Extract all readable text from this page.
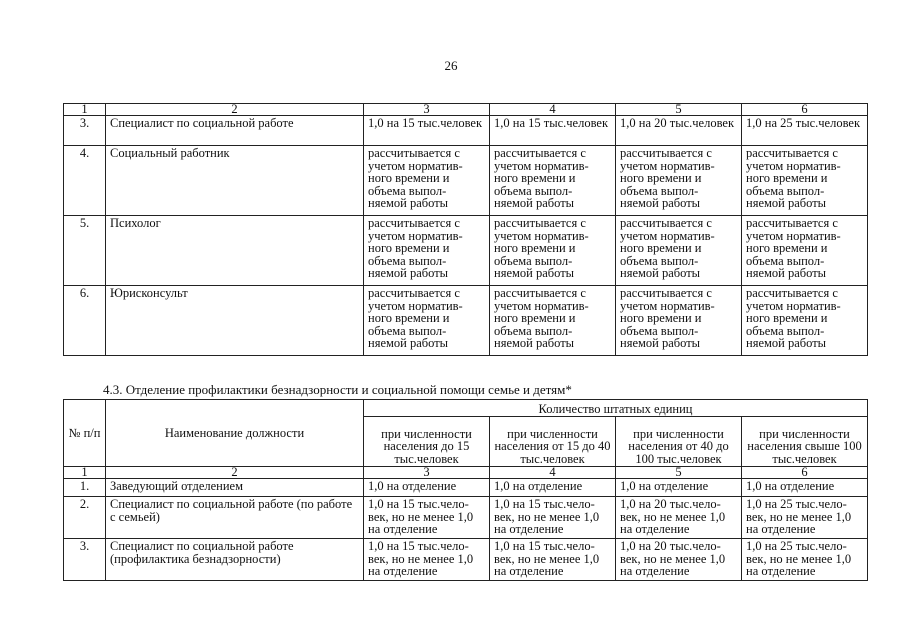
26
1	2	3	4	5	6
3.	Специалист по социальной работе	1,0 на 15 тыс.человек	1,0 на 15 тыс.человек	1,0 на 20 тыс.человек	1,0 на 25 тыс.человек
4.	Социальный работник	рассчитывается с учетом норматив-ного времени и объема выпол-няемой работы	рассчитывается с учетом норматив-ного времени и объема выпол-няемой работы	рассчитывается с учетом норматив-ного времени и объема выпол-няемой работы	рассчитывается с учетом норматив-ного времени и объема выпол-няемой работы
5.	Психолог	рассчитывается с учетом норматив-ного времени и объема выпол-няемой работы	рассчитывается с учетом норматив-ного времени и объема выпол-няемой работы	рассчитывается с учетом норматив-ного времени и объема выпол-няемой работы	рассчитывается с учетом норматив-ного времени и объема выпол-няемой работы
6.	Юрисконсульт	рассчитывается с учетом норматив-ного времени и объема выпол-няемой работы	рассчитывается с учетом норматив-ного времени и объема выпол-няемой работы	рассчитывается с учетом норматив-ного времени и объема выпол-няемой работы	рассчитывается с учетом норматив-ного времени и объема выпол-няемой работы
4.3. Отделение профилактики безнадзорности и социальной помощи семье и детям*
№ п/п	Наименование должности	Количество штатных единиц			
		при численности населения до 15 тыс.человек	при численности населения от 15 до 40 тыс.человек	при численности населения от 40 до 100 тыс.человек	при численности населения свыше 100 тыс.человек
1	2	3	4	5	6
1.	Заведующий отделением	1,0 на отделение	1,0 на отделение	1,0 на отделение	1,0 на отделение
2.	Специалист по социальной работе (по работе с семьей)	1,0 на 15 тыс.чело-век, но не менее 1,0 на отделение	1,0 на 15 тыс.чело-век, но не менее 1,0 на отделение	1,0 на 20 тыс.чело-век, но не менее 1,0 на отделение	1,0 на 25 тыс.чело-век, но не менее 1,0 на отделение
3.	Специалист по социальной работе (профилактика безнадзорности)	1,0 на 15 тыс.чело-век, но не менее 1,0 на отделение	1,0 на 15 тыс.чело-век, но не менее 1,0 на отделение	1,0 на 20 тыс.чело-век, но не менее 1,0 на отделение	1,0 на 25 тыс.чело-век, но не менее 1,0 на отделение
